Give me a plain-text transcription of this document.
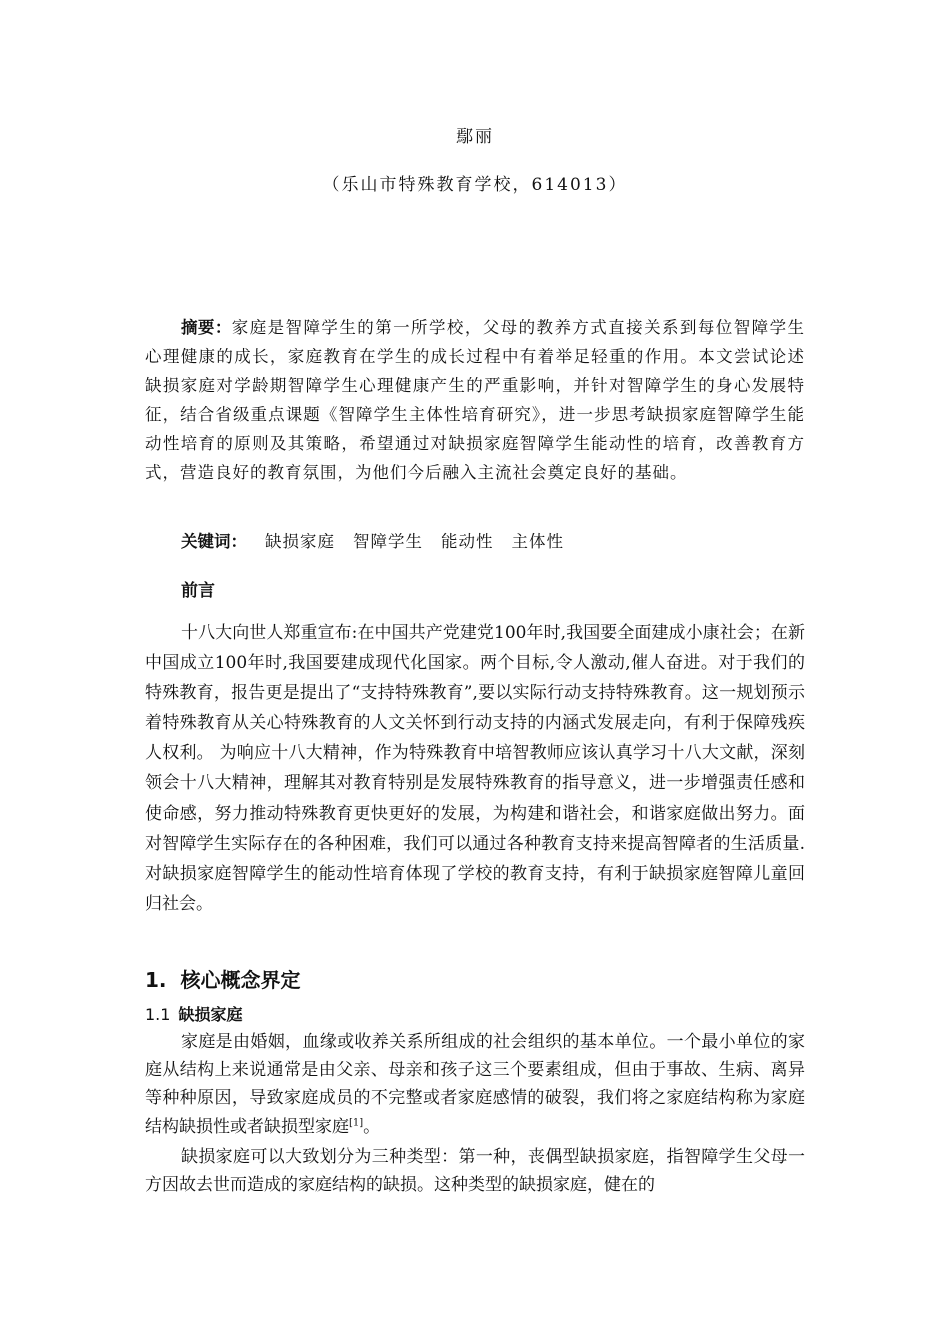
鄢丽
（乐山市特殊教育学校，614013）

摘要：家庭是智障学生的第一所学校，父母的教养方式直接关系到每位智障学生心理健康的成长，家庭教育在学生的成长过程中有着举足轻重的作用。本文尝试论述缺损家庭对学龄期智障学生心理健康产生的严重影响，并针对智障学生的身心发展特征，结合省级重点课题《智障学生主体性培育研究》，进一步思考缺损家庭智障学生能动性培育的原则及其策略，希望通过对缺损家庭智障学生能动性的培育，改善教育方式，营造良好的教育氛围，为他们今后融入主流社会奠定良好的基础。

关键词： 缺损家庭 智障学生 能动性 主体性
前言

十八大向世人郑重宣布:在中国共产党建党100年时,我国要全面建成小康社会；在新中国成立100年时,我国要建成现代化国家。两个目标,令人激动,催人奋进。对于我们的特殊教育，报告更是提出了“支持特殊教育”,要以实际行动支持特殊教育。这一规划预示着特殊教育从关心特殊教育的人文关怀到行动支持的内涵式发展走向，有利于保障残疾人权利。 为响应十八大精神，作为特殊教育中培智教师应该认真学习十八大文献，深刻领会十八大精神，理解其对教育特别是发展特殊教育的指导意义，进一步增强责任感和使命感，努力推动特殊教育更快更好的发展，为构建和谐社会，和谐家庭做出努力。面对智障学生实际存在的各种困难，我们可以通过各种教育支持来提高智障者的生活质量.对缺损家庭智障学生的能动性培育体现了学校的教育支持，有利于缺损家庭智障儿童回归社会。

1. 核心概念界定
1.1 缺损家庭

家庭是由婚姻，血缘或收养关系所组成的社会组织的基本单位。一个最小单位的家庭从结构上来说通常是由父亲、母亲和孩子这三个要素组成，但由于事故、生病、离异等种种原因，导致家庭成员的不完整或者家庭感情的破裂，我们将之家庭结构称为家庭结构缺损性或者缺损型家庭[1]。

缺损家庭可以大致划分为三种类型：第一种，丧偶型缺损家庭，指智障学生父母一方因故去世而造成的家庭结构的缺损。这种类型的缺损家庭，健在的
